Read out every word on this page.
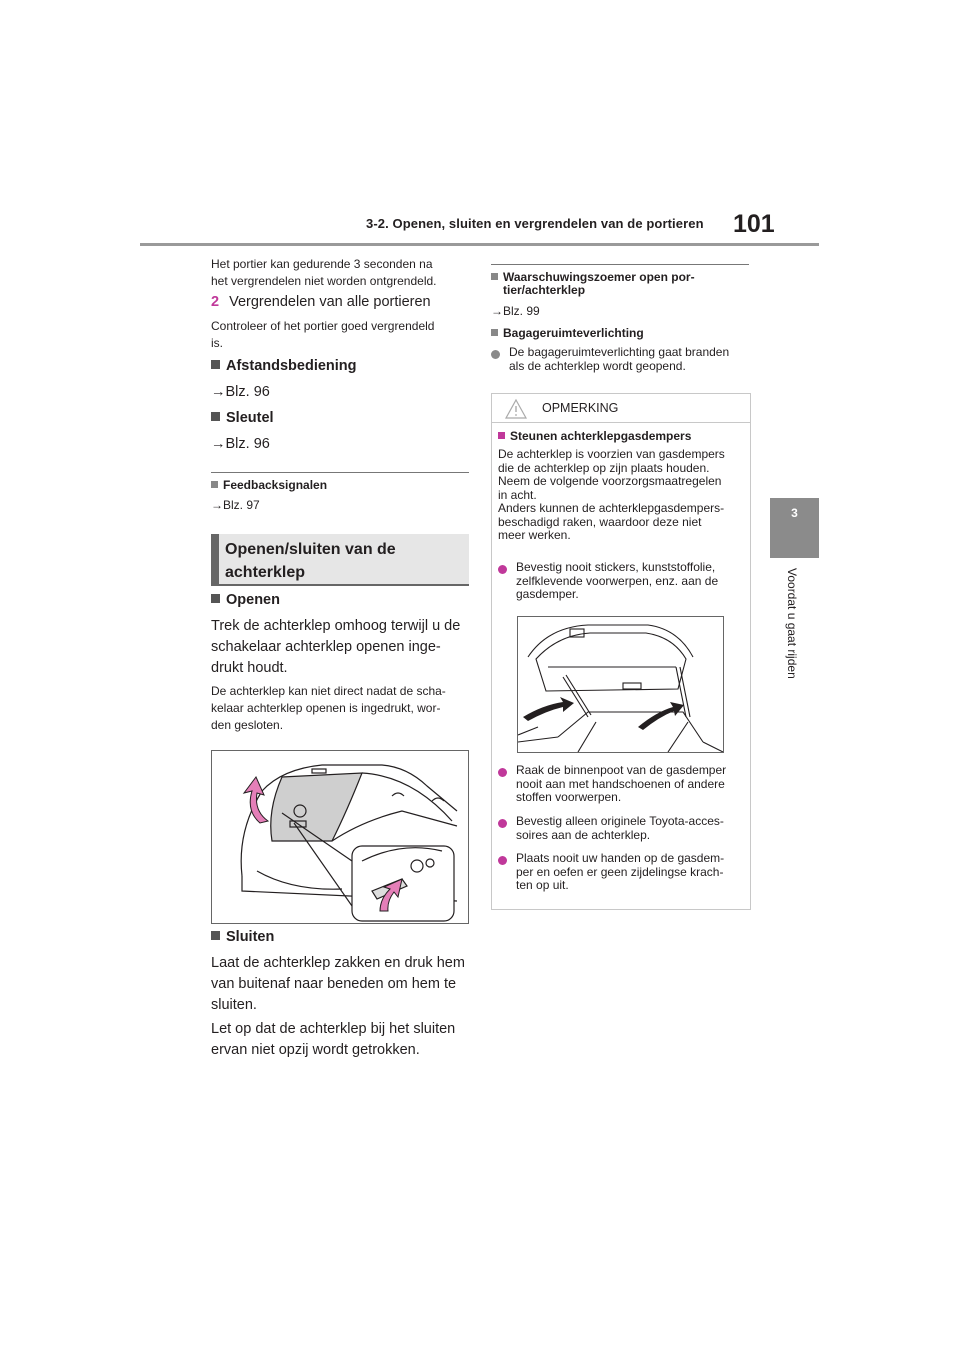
3-2. Openen, sluiten en vergrendelen van de portieren 101
3
Voordat u gaat rijden
Het portier kan gedurende 3 seconden na
het vergrendelen niet worden ontgrendeld.
2 Vergrendelen van alle portieren
Controleer of het portier goed vergrendeld
is.
Afstandsbediening
→Blz. 96
Sleutel
→Blz. 96
Feedbacksignalen
→Blz. 97
Openen/sluiten van de
achterklep
Openen
Trek de achterklep omhoog terwijl u de
schakelaar achterklep openen inge-
drukt houdt.
De achterklep kan niet direct nadat de scha-
kelaar achterklep openen is ingedrukt, wor-
den gesloten.
Sluiten
Laat de achterklep zakken en druk hem
van buitenaf naar beneden om hem te
sluiten.
Let op dat de achterklep bij het sluiten
ervan niet opzij wordt getrokken.
Waarschuwingszoemer open por-
tier/achterklep
→Blz. 99
Bagageruimteverlichting
De bagageruimteverlichting gaat branden
als de achterklep wordt geopend.
OPMERKING
Steunen achterklepgasdempers
De achterklep is voorzien van gasdempers
die de achterklep op zijn plaats houden.
Neem de volgende voorzorgsmaatregelen
in acht.
Anders kunnen de achterklepgasdempers-
beschadigd raken, waardoor deze niet
meer werken.
Bevestig nooit stickers, kunststoffolie,
zelfklevende voorwerpen, enz. aan de
gasdemper.
Raak de binnenpoot van de gasdemper
nooit aan met handschoenen of andere
stoffen voorwerpen.
Bevestig alleen originele Toyota-acces-
soires aan de achterklep.
Plaats nooit uw handen op de gasdem-
per en oefen er geen zijdelingse krach-
ten op uit.
